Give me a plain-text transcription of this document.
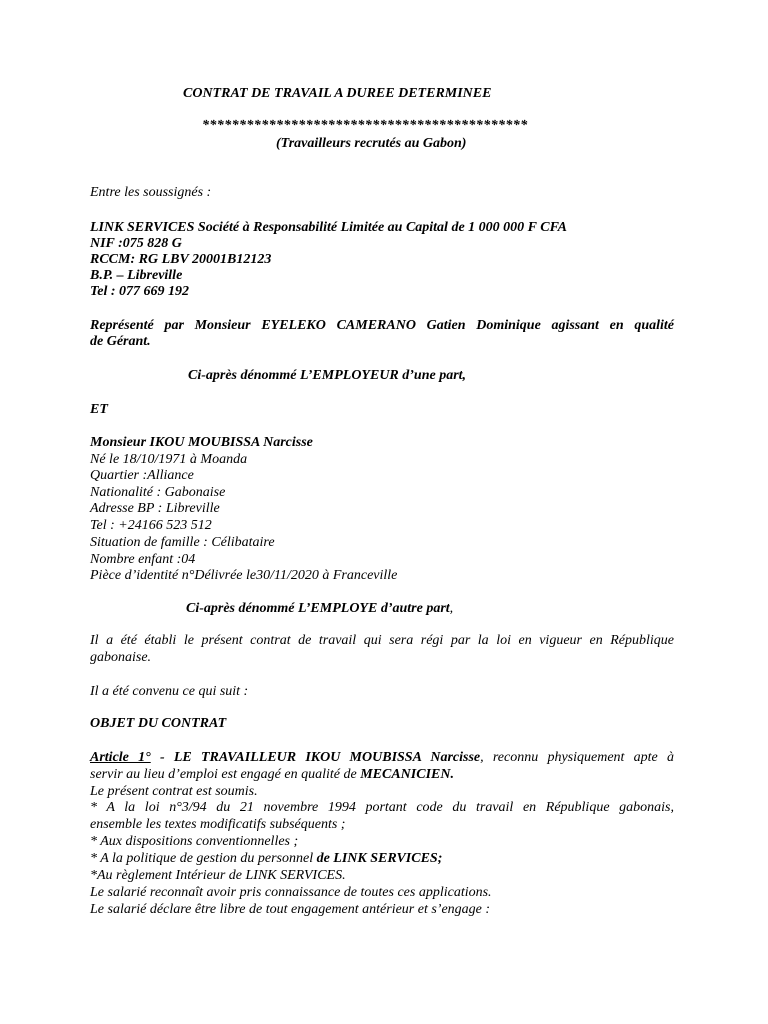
CONTRAT DE TRAVAIL A DUREE DETERMINEE

********************************************

(Travailleurs recrutés au Gabon)

Entre les soussignés :

LINK SERVICES Société à Responsabilité Limitée au Capital de 1 000 000 F CFA

NIF :075 828 G

RCCM: RG LBV 20001B12123

B.P. – Libreville

Tel : 077 669 192

Représenté par Monsieur EYELEKO CAMERANO Gatien Dominique agissant en qualité

de Gérant.

Ci-après dénommé L’EMPLOYEUR d’une part,

ET

Monsieur IKOU MOUBISSA Narcisse

Né le 18/10/1971 à Moanda

Quartier :Alliance

Nationalité : Gabonaise

Adresse BP : Libreville

Tel : +24166 523 512

Situation de famille : Célibataire

Nombre enfant :04

Pièce d’identité n°Délivrée le30/11/2020 à Franceville

Ci-après dénommé L’EMPLOYE d’autre part,

Il a été établi le présent contrat de travail qui sera régi par la loi en vigueur en République

gabonaise.

Il a été convenu ce qui suit :

OBJET DU CONTRAT

Article 1° - LE TRAVAILLEUR IKOU MOUBISSA Narcisse, reconnu physiquement apte à

servir au lieu d’emploi est engagé en qualité de MECANICIEN.

Le présent contrat est soumis.

* A la loi n°3/94 du 21 novembre 1994 portant code du travail en République gabonais,

ensemble les textes modificatifs subséquents ;

* Aux dispositions conventionnelles ;

* A la politique de gestion du personnel de LINK SERVICES;

*Au règlement Intérieur de LINK SERVICES.

Le salarié reconnaît avoir pris connaissance de toutes ces applications.

Le salarié déclare être libre de tout engagement antérieur et s’engage :
